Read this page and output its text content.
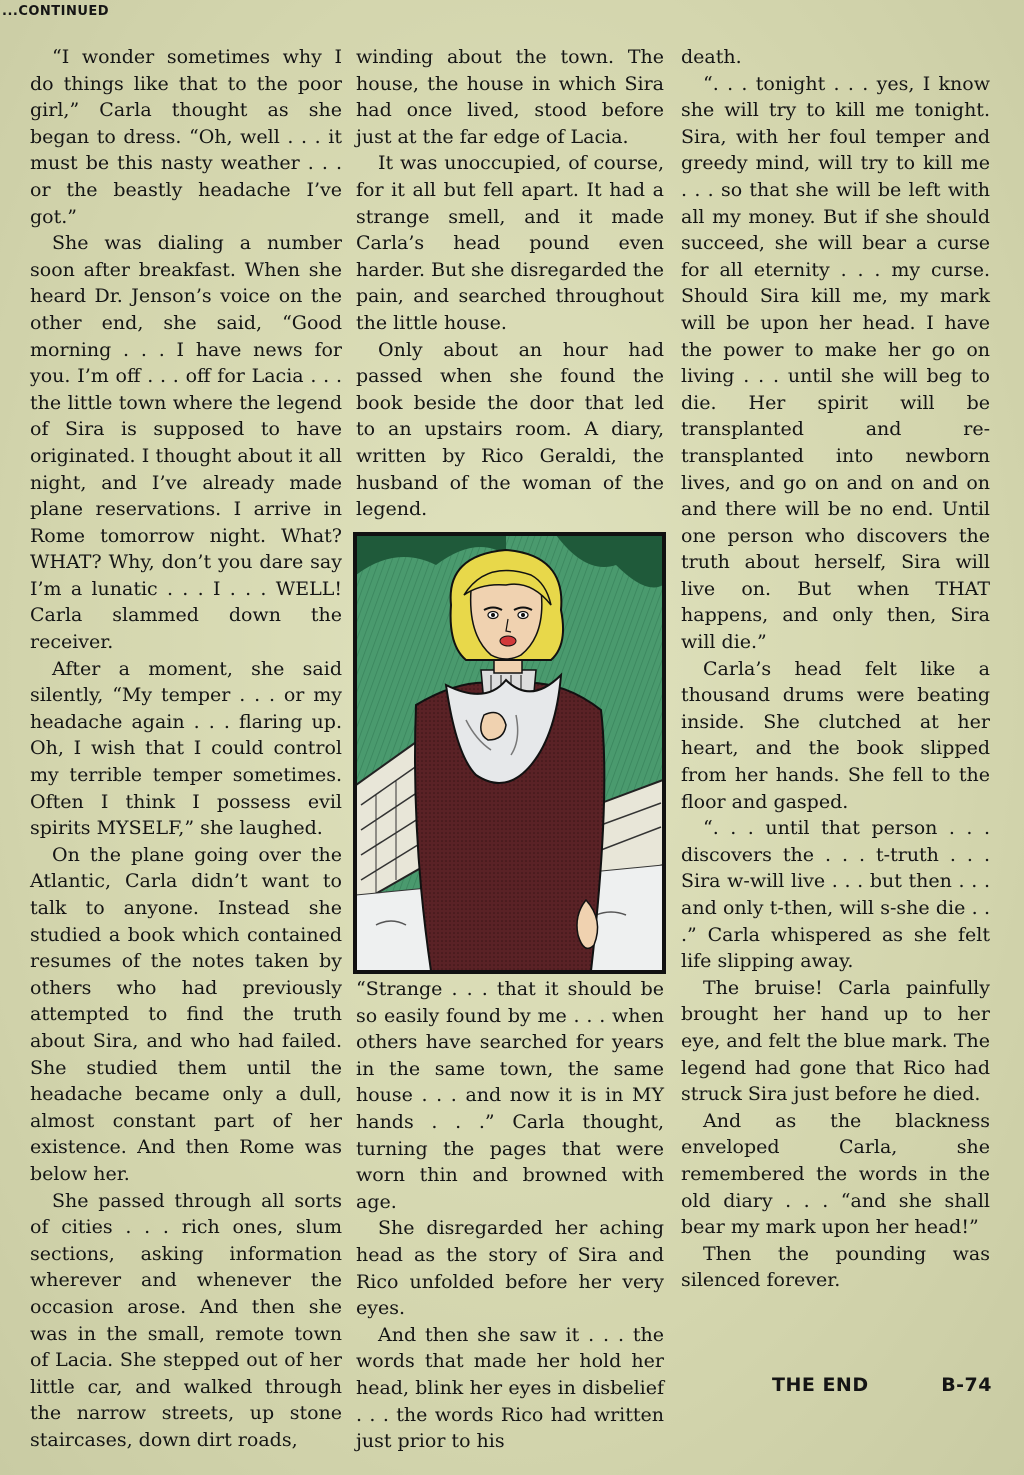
...CONTINUED

“I wonder sometimes why I do things like that to the poor girl,” Carla thought as she began to dress. “Oh, well . . . it must be this nasty weather . . . or the beastly headache I’ve got.”

She was dialing a number soon after breakfast. When she heard Dr. Jenson’s voice on the other end, she said, “Good morning . . . I have news for you. I’m off . . . off for Lacia . . . the little town where the legend of Sira is supposed to have originated. I thought about it all night, and I’ve already made plane reservations. I arrive in Rome tomorrow night. What? WHAT? Why, don’t you dare say I’m a lunatic . . . I . . . WELL! Carla slammed down the receiver.

After a moment, she said silently, “My temper . . . or my headache again . . . flaring up. Oh, I wish that I could control my terrible temper sometimes. Often I think I possess evil spirits MYSELF,” she laughed.

On the plane going over the Atlantic, Carla didn’t want to talk to anyone. Instead she studied a book which contained resumes of the notes taken by others who had previously attempted to find the truth about Sira, and who had failed. She studied them until the headache became only a dull, almost constant part of her existence. And then Rome was below her.

She passed through all sorts of cities . . . rich ones, slum sections, asking information wherever and whenever the occasion arose. And then she was in the small, remote town of Lacia. She stepped out of her little car, and walked through the narrow streets, up stone staircases, down dirt roads,

winding about the town. The house, the house in which Sira had once lived, stood before just at the far edge of Lacia.

It was unoccupied, of course, for it all but fell apart. It had a strange smell, and it made Carla’s head pound even harder. But she disregarded the pain, and searched throughout the little house.

Only about an hour had passed when she found the book beside the door that led to an upstairs room. A diary, written by Rico Geraldi, the husband of the woman of the legend.

“Strange . . . that it should be so easily found by me . . . when others have searched for years in the same town, the same house . . . and now it is in MY hands . . .” Carla thought, turning the pages that were worn thin and browned with age.

She disregarded her aching head as the story of Sira and Rico unfolded before her very eyes.

And then she saw it . . . the words that made her hold her head, blink her eyes in disbelief . . . the words Rico had written just prior to his

death.

“. . . tonight . . . yes, I know she will try to kill me tonight. Sira, with her foul temper and greedy mind, will try to kill me . . . so that she will be left with all my money. But if she should succeed, she will bear a curse for all eternity . . . my curse. Should Sira kill me, my mark will be upon her head. I have the power to make her go on living . . . until she will beg to die. Her spirit will be transplanted and re-transplanted into newborn lives, and go on and on and on and there will be no end. Until one person who discovers the truth about herself, Sira will live on. But when THAT happens, and only then, Sira will die.”

Carla’s head felt like a thousand drums were beating inside. She clutched at her heart, and the book slipped from her hands. She fell to the floor and gasped.

“. . . until that person . . . discovers the . . . t-truth . . . Sira w-will live . . . but then . . . and only t-then, will s-she die . . .” Carla whispered as she felt life slipping away.

The bruise! Carla painfully brought her hand up to her eye, and felt the blue mark. The legend had gone that Rico had struck Sira just before he died.

And as the blackness enveloped Carla, she remembered the words in the old diary . . . “and she shall bear my mark upon her head!”

Then the pounding was silenced forever.

THE END	B-74
